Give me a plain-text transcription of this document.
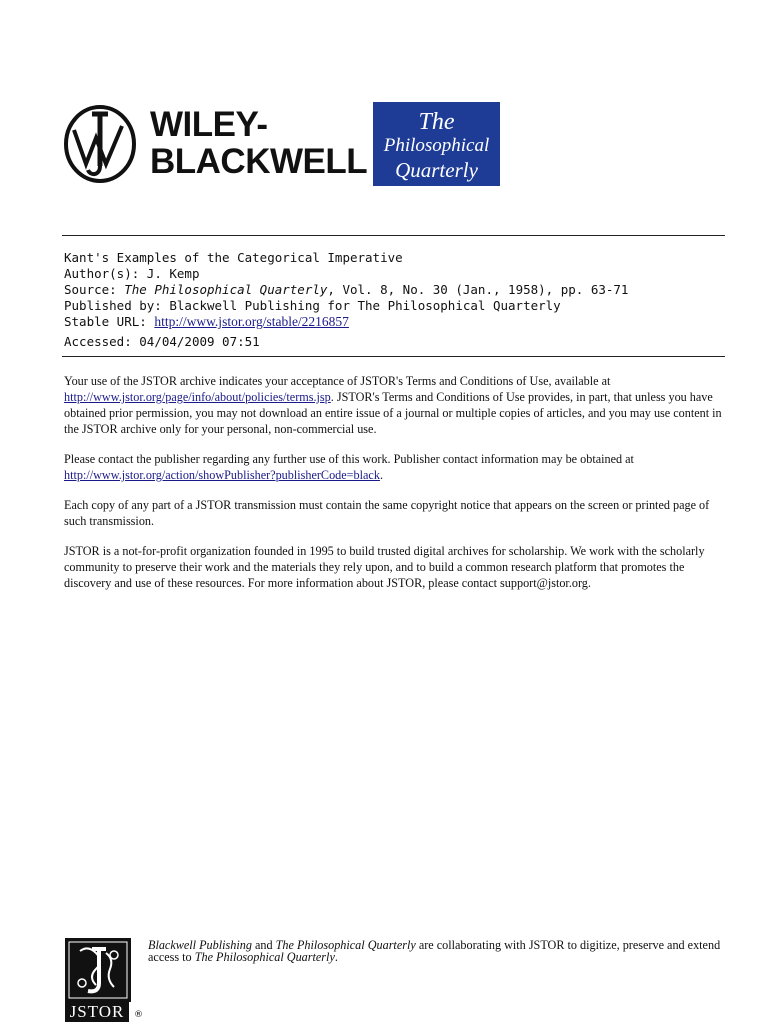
WILEY-
BLACKWELL
The
Philosophical
Quarterly
Kant's Examples of the Categorical Imperative
Author(s): J. Kemp
Source: The Philosophical Quarterly, Vol. 8, No. 30 (Jan., 1958), pp. 63-71
Published by: Blackwell Publishing for The Philosophical Quarterly
Stable URL: http://www.jstor.org/stable/2216857
Accessed: 04/04/2009 07:51

Your use of the JSTOR archive indicates your acceptance of JSTOR's Terms and Conditions of Use, available at http://www.jstor.org/page/info/about/policies/terms.jsp. JSTOR's Terms and Conditions of Use provides, in part, that unless you have obtained prior permission, you may not download an entire issue of a journal or multiple copies of articles, and you may use content in the JSTOR archive only for your personal, non-commercial use.

Please contact the publisher regarding any further use of this work. Publisher contact information may be obtained at http://www.jstor.org/action/showPublisher?publisherCode=black.

Each copy of any part of a JSTOR transmission must contain the same copyright notice that appears on the screen or printed page of such transmission.

JSTOR is a not-for-profit organization founded in 1995 to build trusted digital archives for scholarship. We work with the scholarly community to preserve their work and the materials they rely upon, and to build a common research platform that promotes the discovery and use of these resources. For more information about JSTOR, please contact support@jstor.org.

JSTOR	®
Blackwell Publishing and The Philosophical Quarterly are collaborating with JSTOR to digitize, preserve and extend access to The Philosophical Quarterly.
